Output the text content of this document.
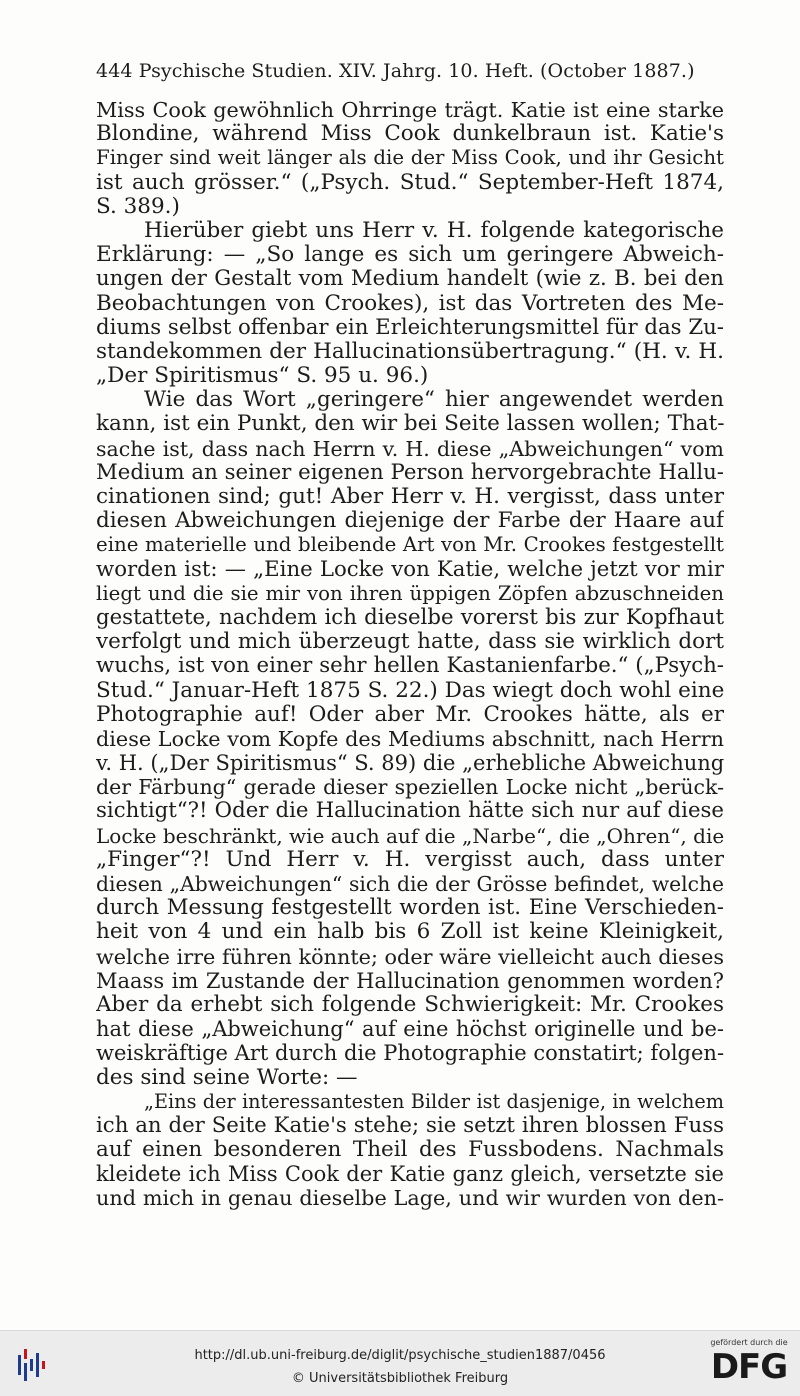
444 Psychische Studien. XIV. Jahrg. 10. Heft. (October 1887.)
Miss Cook gewöhnlich Ohrringe trägt. Katie ist eine starke
Blondine, während Miss Cook dunkelbraun ist. Katie's
Finger sind weit länger als die der Miss Cook, und ihr Gesicht
ist auch grösser.“ („Psych. Stud.“ September-Heft 1874,
S. 389.)
Hierüber giebt uns Herr v. H. folgende kategorische
Erklärung: — „So lange es sich um geringere Abweich-
ungen der Gestalt vom Medium handelt (wie z. B. bei den
Beobachtungen von Crookes), ist das Vortreten des Me-
diums selbst offenbar ein Erleichterungsmittel für das Zu-
standekommen der Hallucinationsübertragung.“ (H. v. H.
„Der Spiritismus“ S. 95 u. 96.)
Wie das Wort „geringere“ hier angewendet werden
kann, ist ein Punkt, den wir bei Seite lassen wollen; That-
sache ist, dass nach Herrn v. H. diese „Abweichungen“ vom
Medium an seiner eigenen Person hervorgebrachte Hallu-
cinationen sind; gut! Aber Herr v. H. vergisst, dass unter
diesen Abweichungen diejenige der Farbe der Haare auf
eine materielle und bleibende Art von Mr. Crookes festgestellt
worden ist: — „Eine Locke von Katie, welche jetzt vor mir
liegt und die sie mir von ihren üppigen Zöpfen abzuschneiden
gestattete, nachdem ich dieselbe vorerst bis zur Kopfhaut
verfolgt und mich überzeugt hatte, dass sie wirklich dort
wuchs, ist von einer sehr hellen Kastanienfarbe.“ („Psych-
Stud.“ Januar-Heft 1875 S. 22.) Das wiegt doch wohl eine
Photographie auf! Oder aber Mr. Crookes hätte, als er
diese Locke vom Kopfe des Mediums abschnitt, nach Herrn
v. H. („Der Spiritismus“ S. 89) die „erhebliche Abweichung
der Färbung“ gerade dieser speziellen Locke nicht „berück-
sichtigt“?! Oder die Hallucination hätte sich nur auf diese
Locke beschränkt, wie auch auf die „Narbe“, die „Ohren“, die
„Finger“?! Und Herr v. H. vergisst auch, dass unter
diesen „Abweichungen“ sich die der Grösse befindet, welche
durch Messung festgestellt worden ist. Eine Verschieden-
heit von 4 und ein halb bis 6 Zoll ist keine Kleinigkeit,
welche irre führen könnte; oder wäre vielleicht auch dieses
Maass im Zustande der Hallucination genommen worden?
Aber da erhebt sich folgende Schwierigkeit: Mr. Crookes
hat diese „Abweichung“ auf eine höchst originelle und be-
weiskräftige Art durch die Photographie constatirt; folgen-
des sind seine Worte: —
„Eins der interessantesten Bilder ist dasjenige, in welchem
ich an der Seite Katie's stehe; sie setzt ihren blossen Fuss
auf einen besonderen Theil des Fussbodens. Nachmals
kleidete ich Miss Cook der Katie ganz gleich, versetzte sie
und mich in genau dieselbe Lage, und wir wurden von den-
http://dl.ub.uni-freiburg.de/diglit/psychische_studien1887/0456
© Universitätsbibliothek Freiburg
gefördert durch die
DFG
